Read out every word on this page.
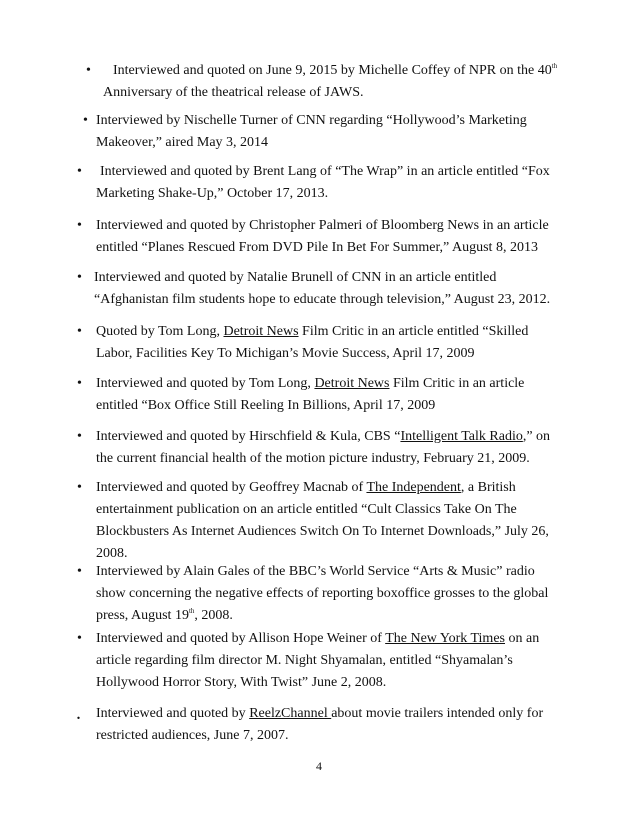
•	Interviewed and quoted on June 9, 2015 by Michelle Coffey of NPR on the 40th
Anniversary of the theatrical release of JAWS.
• Interviewed by Nischelle Turner of CNN regarding “Hollywood’s Marketing
Makeover,” aired May 3, 2014
• Interviewed and quoted by Brent Lang of “The Wrap” in an article entitled “Fox
Marketing Shake-Up,” October 17, 2013.
• Interviewed and quoted by Christopher Palmeri of Bloomberg News in an article
entitled “Planes Rescued From DVD Pile In Bet For Summer,” August 8, 2013
• Interviewed and quoted by Natalie Brunell of CNN in an article entitled
“Afghanistan film students hope to educate through television,” August 23, 2012.
• Quoted by Tom Long, Detroit News Film Critic in an article entitled “Skilled
Labor, Facilities Key To Michigan’s Movie Success, April 17, 2009
• Interviewed and quoted by Tom Long, Detroit News Film Critic in an article
entitled “Box Office Still Reeling In Billions, April 17, 2009
• Interviewed and quoted by Hirschfield & Kula, CBS “Intelligent Talk Radio,” on
the current financial health of the motion picture industry, February 21, 2009.
• Interviewed and quoted by Geoffrey Macnab of The Independent, a British
entertainment publication on an article entitled “Cult Classics Take On The
Blockbusters As Internet Audiences Switch On To Internet Downloads,” July 26,
2008.
• Interviewed by Alain Gales of the BBC’s World Service “Arts & Music” radio
show concerning the negative effects of reporting boxoffice grosses to the global
press, August 19th, 2008.
• Interviewed and quoted by Allison Hope Weiner of The New York Times on an
article regarding film director M. Night Shyamalan, entitled “Shyamalan’s
Hollywood Horror Story, With Twist” June 2, 2008.
. Interviewed and quoted by ReelzChannel about movie trailers intended only for
restricted audiences, June 7, 2007.
4
